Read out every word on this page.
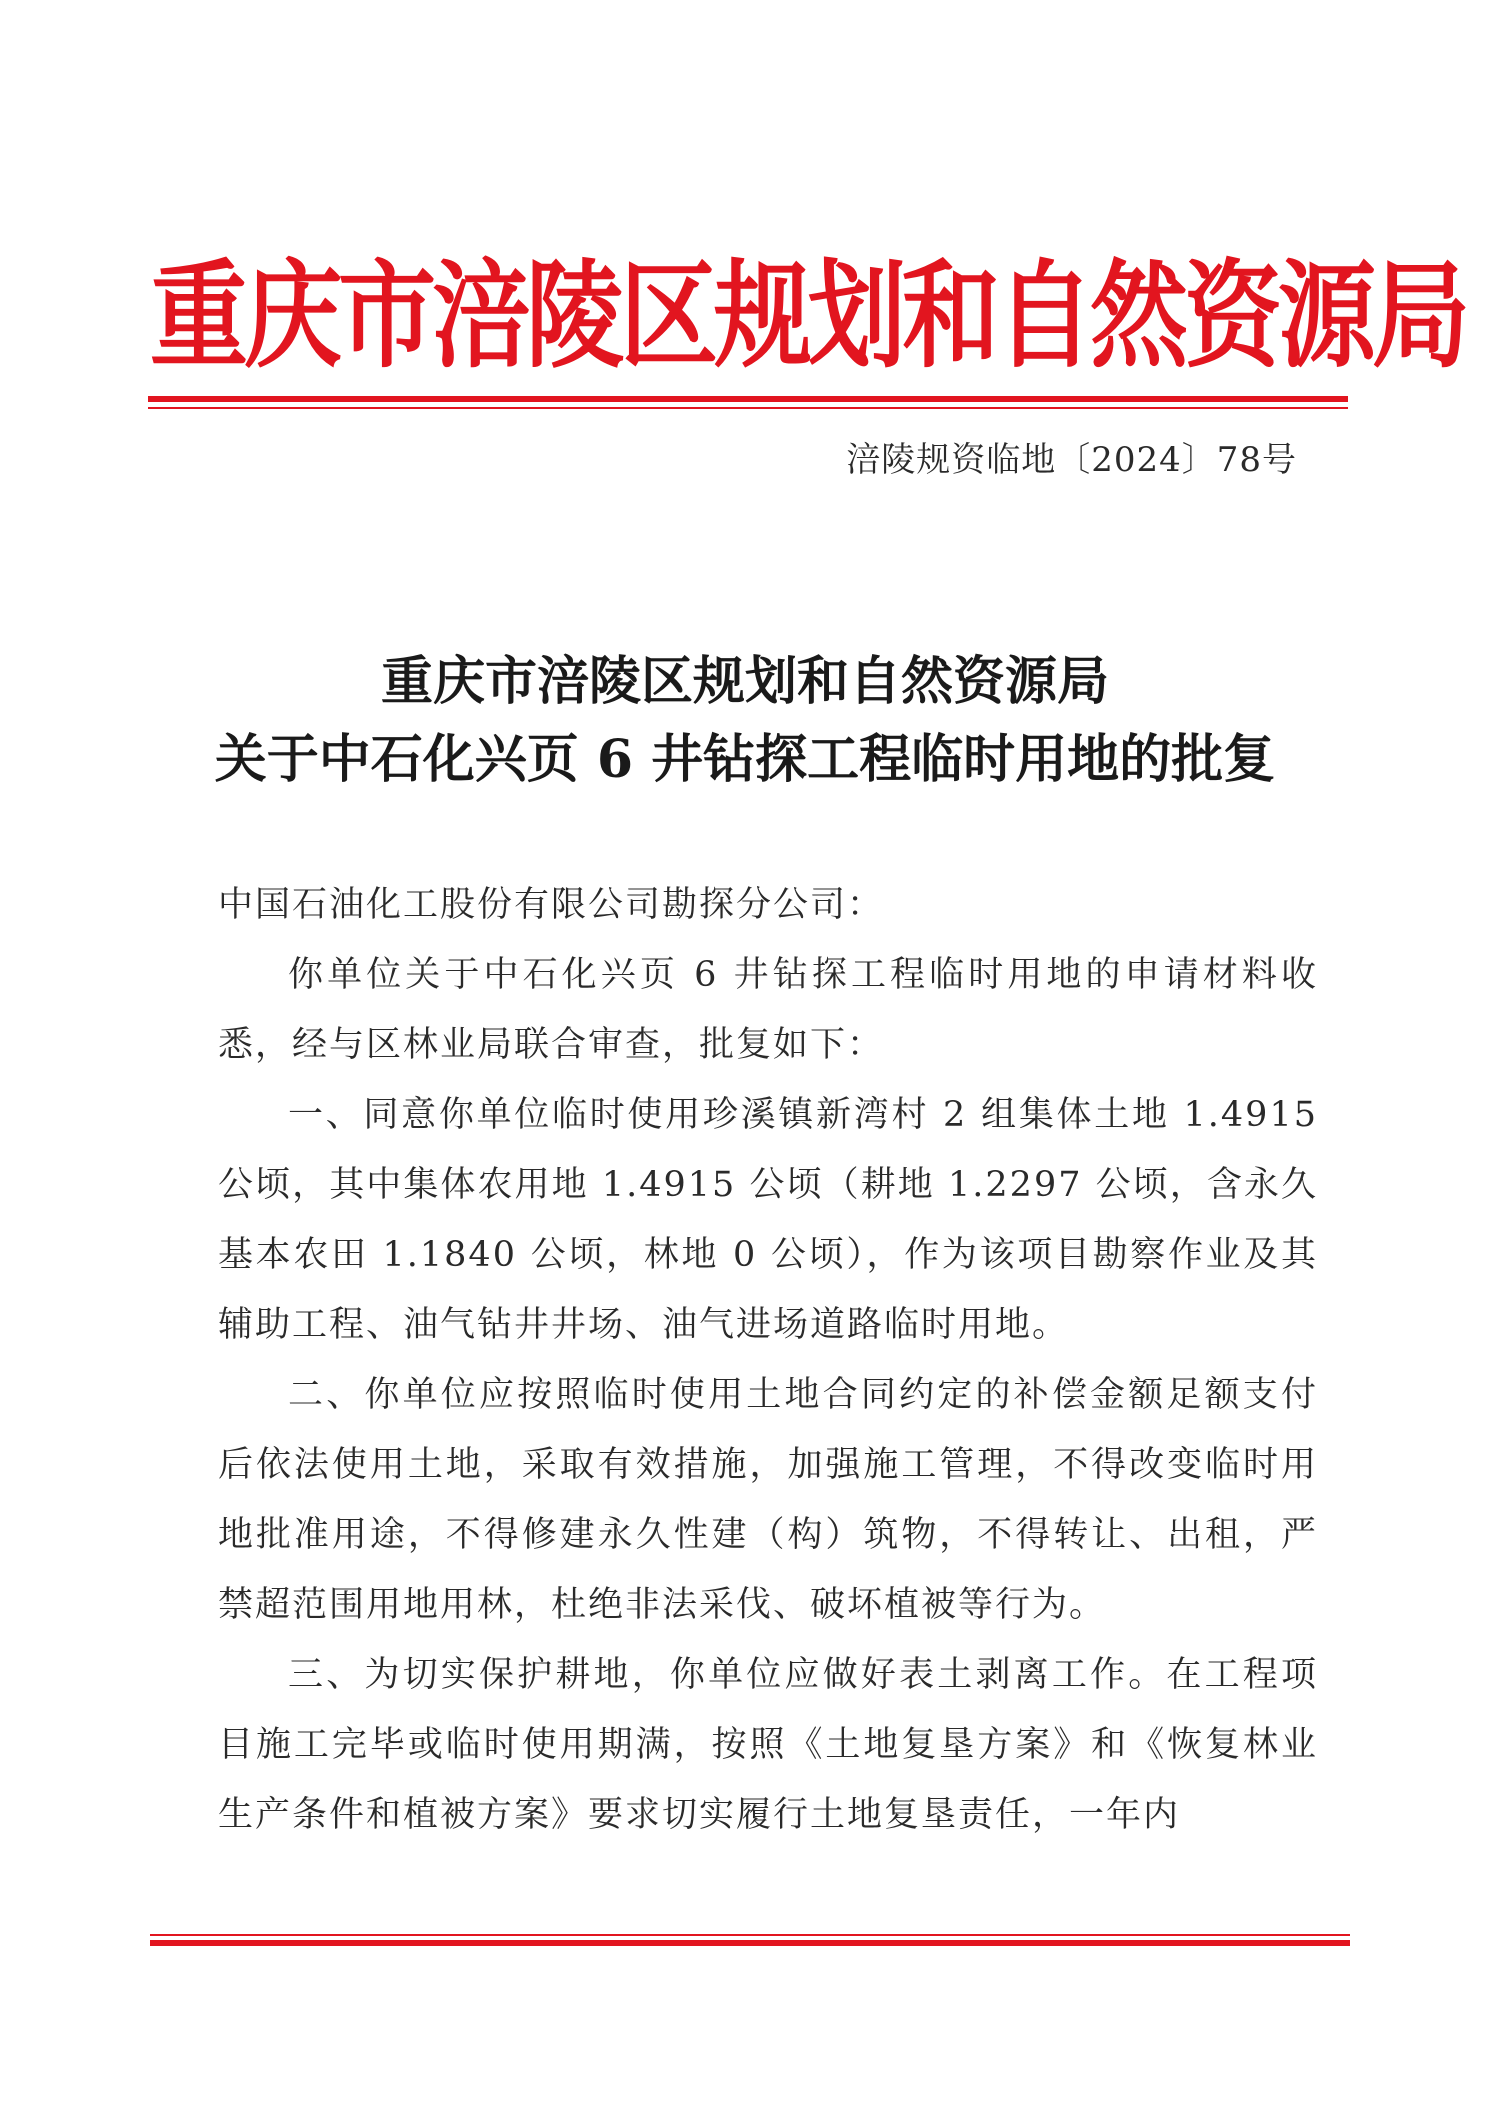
重庆市涪陵区规划和自然资源局
涪陵规资临地〔2024〕78号
重庆市涪陵区规划和自然资源局
关于中石化兴页 6 井钻探工程临时用地的批复
中国石油化工股份有限公司勘探分公司：

你单位关于中石化兴页 6 井钻探工程临时用地的申请材料收悉，经与区林业局联合审查，批复如下：

一、同意你单位临时使用珍溪镇新湾村 2 组集体土地 1.4915 公顷，其中集体农用地 1.4915 公顷（耕地 1.2297 公顷，含永久基本农田 1.1840 公顷，林地 0 公顷），作为该项目勘察作业及其辅助工程、油气钻井井场、油气进场道路临时用地。

二、你单位应按照临时使用土地合同约定的补偿金额足额支付后依法使用土地，采取有效措施，加强施工管理，不得改变临时用地批准用途，不得修建永久性建（构）筑物，不得转让、出租，严禁超范围用地用林，杜绝非法采伐、破坏植被等行为。

三、为切实保护耕地，你单位应做好表土剥离工作。在工程项目施工完毕或临时使用期满，按照《土地复垦方案》和《恢复林业生产条件和植被方案》要求切实履行土地复垦责任，一年内
